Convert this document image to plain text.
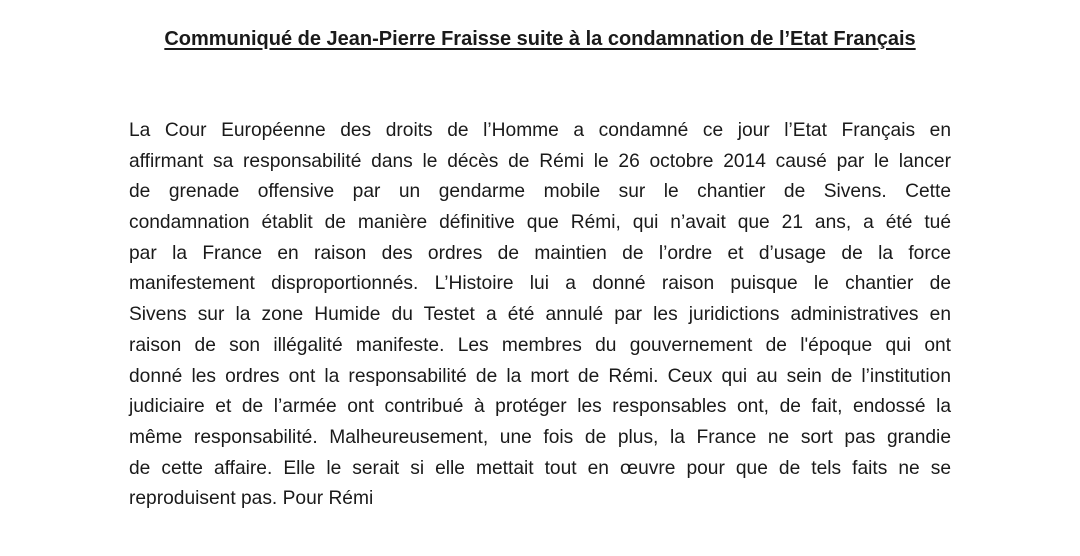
Communiqué de Jean-Pierre Fraisse suite à la condamnation de l’Etat Français
La Cour Européenne des droits de l’Homme a condamné ce jour l’Etat Français en
affirmant sa responsabilité dans le décès de Rémi le 26 octobre 2014 causé par le lancer
de grenade offensive par un gendarme mobile sur le chantier de Sivens. Cette
condamnation établit de manière définitive que Rémi, qui n’avait que 21 ans, a été tué
par la France en raison des ordres de maintien de l’ordre et d’usage de la force
manifestement disproportionnés. L’Histoire lui a donné raison puisque le chantier de
Sivens sur la zone Humide du Testet a été annulé par les juridictions administratives en
raison de son illégalité manifeste. Les membres du gouvernement de l'époque qui ont
donné les ordres ont la responsabilité de la mort de Rémi. Ceux qui au sein de l’institution
judiciaire et de l’armée ont contribué à protéger les responsables ont, de fait, endossé la
même responsabilité. Malheureusement, une fois de plus, la France ne sort pas grandie
de cette affaire. Elle le serait si elle mettait tout en œuvre pour que de tels faits ne se
reproduisent pas. Pour Rémi
